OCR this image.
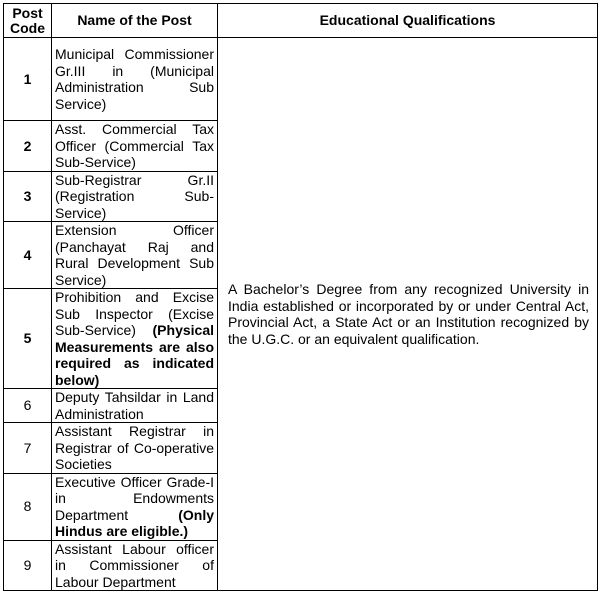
Post Code	Name of the Post	Educational Qualifications
1	Municipal Commissioner Gr.III in (Municipal Administration Sub Service)	A Bachelor’s Degree from any recognized University in India established or incorporated by or under Central Act, Provincial Act, a State Act or an Institution recognized by the U.G.C. or an equivalent qualification.
2	Asst. Commercial Tax Officer (Commercial Tax Sub-Service)	
3	Sub-Registrar Gr.II (Registration Sub-Service)	
4	Extension Officer (Panchayat Raj and Rural Development Sub Service)	
5	Prohibition and Excise Sub Inspector (Excise Sub-Service) (Physical Measurements are also required as indicated below)	
6	Deputy Tahsildar in Land Administration	
7	Assistant Registrar in Registrar of Co-operative Societies	
8	Executive Officer Grade-I in Endowments Department (Only Hindus are eligible.)	
9	Assistant Labour officer in Commissioner of Labour Department	
